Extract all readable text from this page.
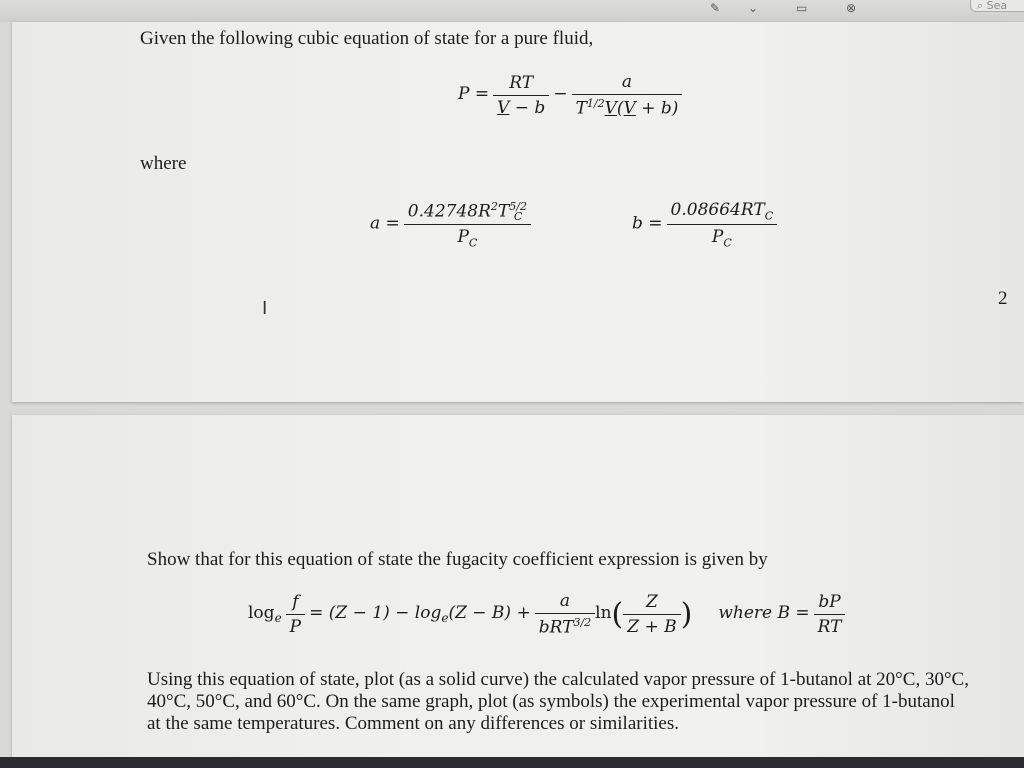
✎ ⌄	▭	⊗	⌕ Sea
Given the following cubic equation of state for a pure fluid,
$P = \frac{RT}{V - b} - \frac{a}{T^{1/2}V(V + b)}$
where
$a = 0.42748R^2T$ 5/2
C
$P_C$	$b = \frac{0.08664RT_C}{P_C}$
I	2
Show that for this equation of state the fugacity coefficient expression is given by
$\log_e \frac{f}{P} = (Z - 1) - \log_e(Z - B) + \frac{a}{bRT^{3/2}} \ln( \frac{Z}{Z + B}$ ) where $B = \frac{bP}{RT}$
Using this equation of state, plot (as a solid curve) the calculated vapor pressure of 1-butanol at 20°C, 30°C,
40°C, 50°C, and 60°C. On the same graph, plot (as symbols) the experimental vapor pressure of 1-butanol
at the same temperatures. Comment on any differences or similarities.
